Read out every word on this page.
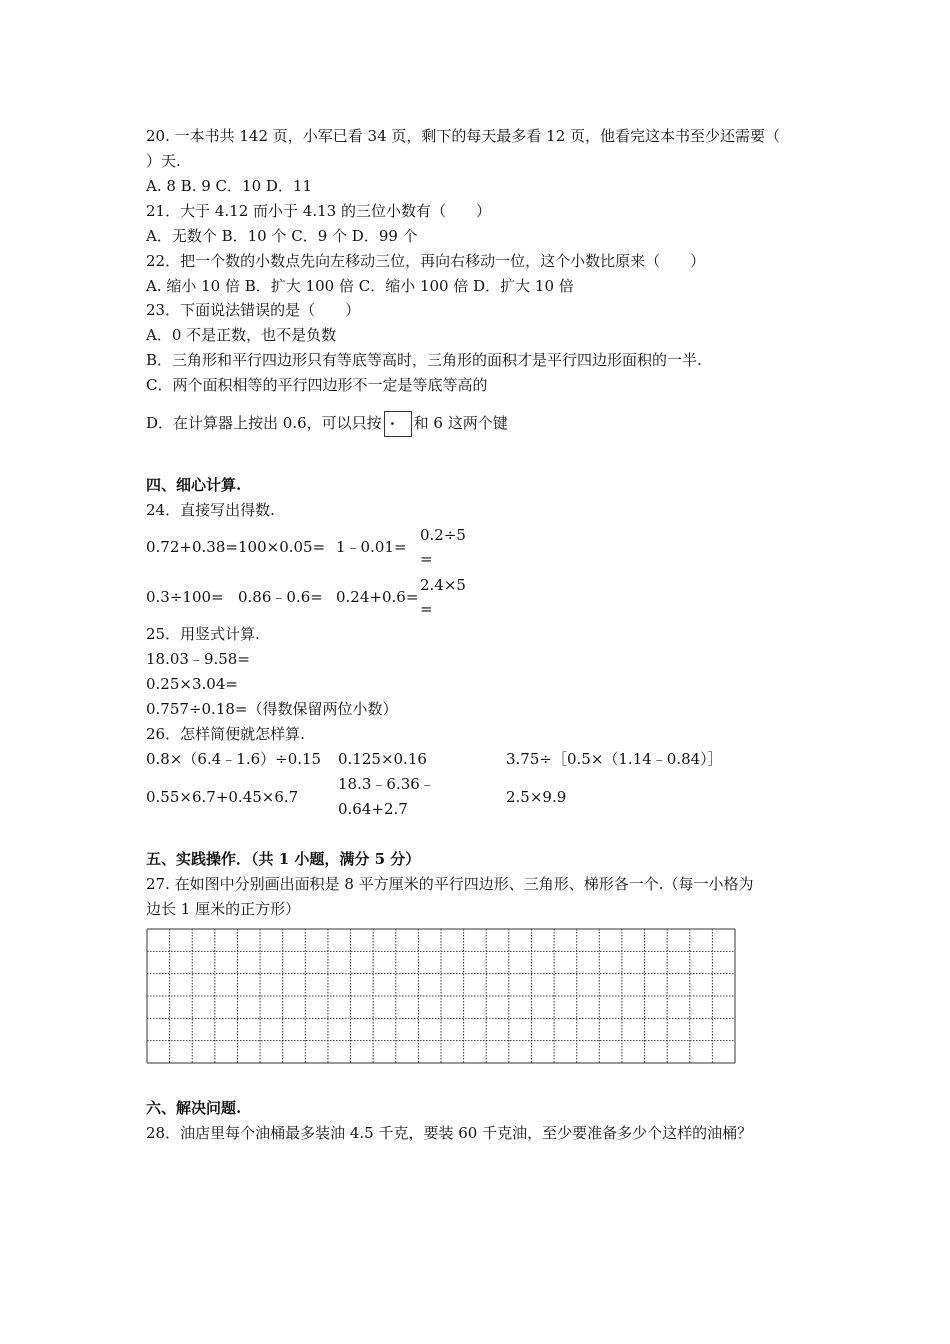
20. 一本书共 142 页，小军已看 34 页，剩下的每天最多看 12 页，他看完这本书至少还需要（
）天.
A. 8 B. 9 C．10 D．11
21．大于 4.12 而小于 4.13 的三位小数有（　　）
A．无数个 B．10 个 C．9 个 D．99 个
22．把一个数的小数点先向左移动三位，再向右移动一位，这个小数比原来（　　）
A. 缩小 10 倍 B．扩大 100 倍 C．缩小 100 倍 D．扩大 10 倍
23．下面说法错误的是（　　）
A．0 不是正数，也不是负数
B．三角形和平行四边形只有等底等高时，三角形的面积才是平行四边形面积的一半.
C．两个面积相等的平行四边形不一定是等底等高的
D．在计算器上按出 0.6，可以只按 ． 和 6 这两个键
四、细心计算.
24．直接写出得数.
0.72+0.38= 100×0.05= 1﹣0.01=
0.2÷5
=
0.3÷100= 0.86﹣0.6= 0.24+0.6=
2.4×5
=
25．用竖式计算.
18.03﹣9.58=
0.25×3.04=
0.757÷0.18=（得数保留两位小数）
26．怎样简便就怎样算.
0.8×（6.4﹣1.6）÷0.15 0.125×0.16	3.75÷［0.5×（1.14﹣0.84）］
0.55×6.7+0.45×6.7
18.3﹣6.36﹣
0.64+2.7
2.5×9.9
五、实践操作．（共 1 小题，满分 5 分）
27. 在如图中分别画出面积是 8 平方厘米的平行四边形、三角形、梯形各一个.（每一小格为
边长 1 厘米的正方形）
六、解决问题.
28．油店里每个油桶最多装油 4.5 千克，要装 60 千克油，至少要准备多少个这样的油桶？
